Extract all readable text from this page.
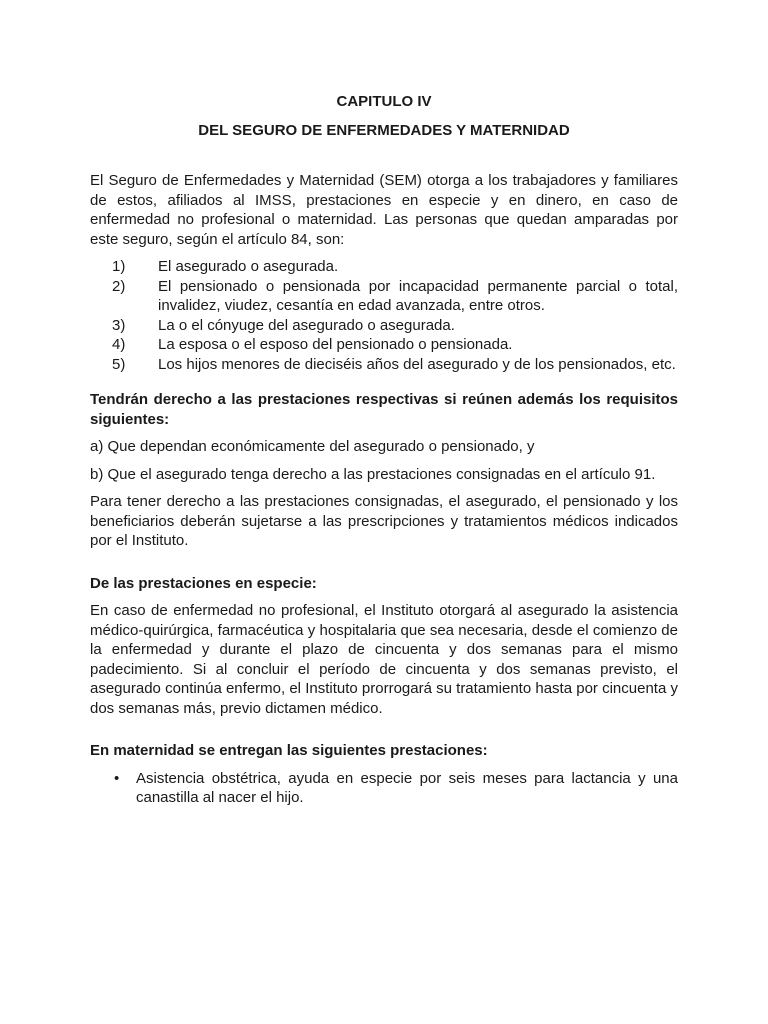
CAPITULO IV

DEL SEGURO DE ENFERMEDADES Y MATERNIDAD

El Seguro de Enfermedades y Maternidad (SEM) otorga a los trabajadores y familiares de estos, afiliados al IMSS, prestaciones en especie y en dinero, en caso de enfermedad no profesional o maternidad. Las personas que quedan amparadas por este seguro, según el artículo 84, son:

1) El asegurado o asegurada.
2) El pensionado o pensionada por incapacidad permanente parcial o total, invalidez, viudez, cesantía en edad avanzada, entre otros.
3) La o el cónyuge del asegurado o asegurada.
4) La esposa o el esposo del pensionado o pensionada.
5) Los hijos menores de dieciséis años del asegurado y de los pensionados, etc.

Tendrán derecho a las prestaciones respectivas si reúnen además los requisitos siguientes:

a) Que dependan económicamente del asegurado o pensionado, y

b) Que el asegurado tenga derecho a las prestaciones consignadas en el artículo 91.

Para tener derecho a las prestaciones consignadas, el asegurado, el pensionado y los beneficiarios deberán sujetarse a las prescripciones y tratamientos médicos indicados por el Instituto.

De las prestaciones en especie:

En caso de enfermedad no profesional, el Instituto otorgará al asegurado la asistencia médico-quirúrgica, farmacéutica y hospitalaria que sea necesaria, desde el comienzo de la enfermedad y durante el plazo de cincuenta y dos semanas para el mismo padecimiento. Si al concluir el período de cincuenta y dos semanas previsto, el asegurado continúa enfermo, el Instituto prorrogará su tratamiento hasta por cincuenta y dos semanas más, previo dictamen médico.

En maternidad se entregan las siguientes prestaciones:

• Asistencia obstétrica, ayuda en especie por seis meses para lactancia y una canastilla al nacer el hijo.
